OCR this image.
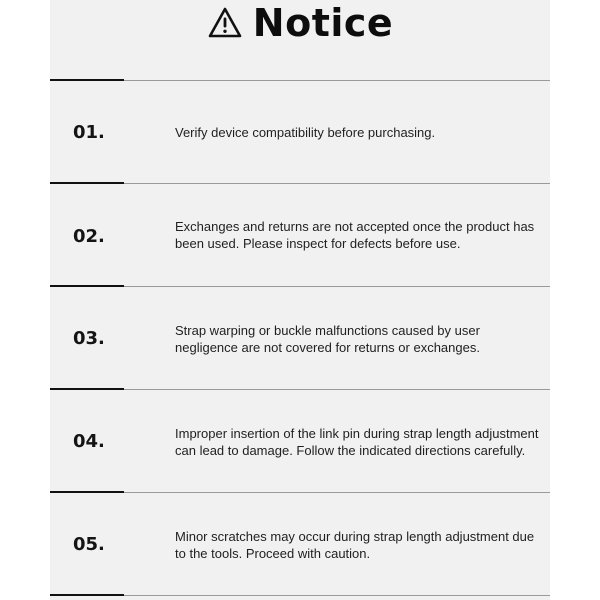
Notice
01.	Verify device compatibility before purchasing.
02.	Exchanges and returns are not accepted once the product has been used. Please inspect for defects before use.
03.	Strap warping or buckle malfunctions caused by user negligence are not covered for returns or exchanges.
04.	Improper insertion of the link pin during strap length adjustment can lead to damage. Follow the indicated directions carefully.
05.	Minor scratches may occur during strap length adjustment due to the tools. Proceed with caution.
